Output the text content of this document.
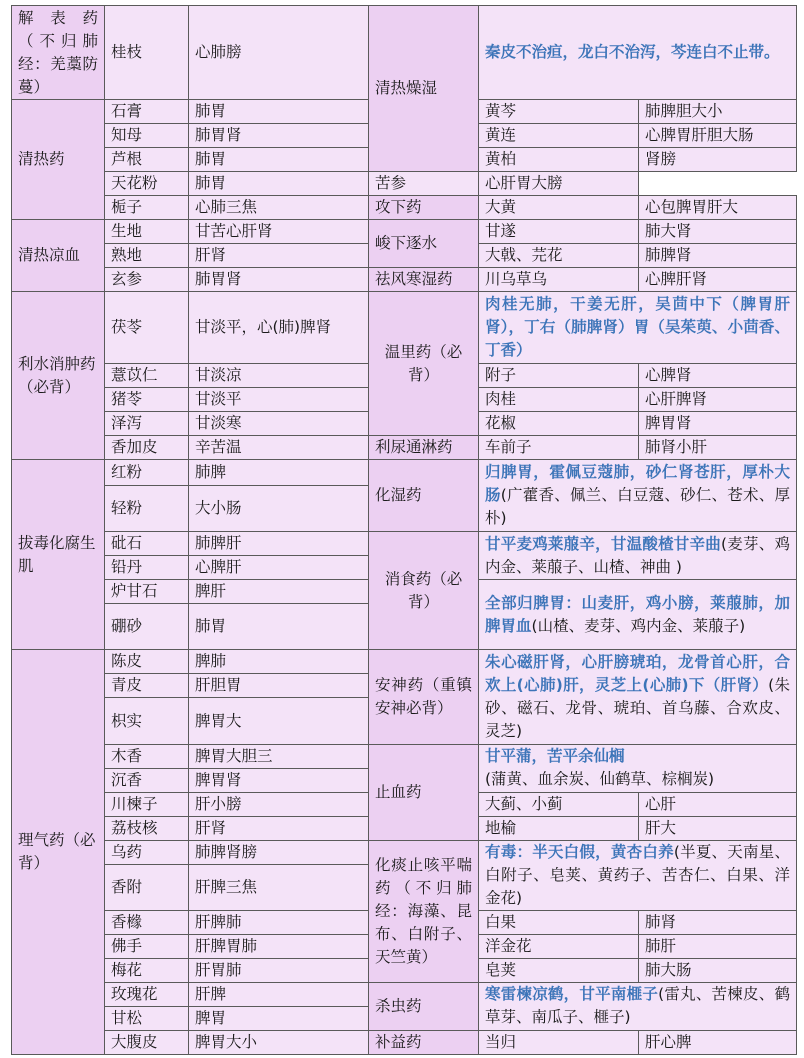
解 表 药（不归肺经：羌藁防蔓）	桂枝	心肺膀	清热燥湿	秦皮不治疸，龙白不治泻，芩连白不止带。	
清热药	石膏	肺胃		黄芩	肺脾胆大小
	知母	肺胃肾		黄连	心脾胃肝胆大肠
	芦根	肺胃		黄柏	肾膀
	天花粉	肺胃	苦参	心肝胃大膀	
	栀子	心肺三焦	攻下药	大黄	心包脾胃肝大
清热凉血	生地	甘苦心肝肾	峻下逐水	甘遂	肺大肾
	熟地	肝肾		大戟、芫花	肺脾肾
	玄参	肺胃肾	祛风寒湿药	川乌草乌	心脾肝肾
利水消肿药（必背）	茯苓	甘淡平，心(肺)脾肾	温里药（必背）	肉桂无肺，干姜无肝，吴茴中下（脾胃肝肾），丁右（肺脾肾）胃（吴茱萸、小茴香、丁香）	
	薏苡仁	甘淡凉		附子	心脾肾
	猪苓	甘淡平		肉桂	心肝脾肾
	泽泻	甘淡寒		花椒	脾胃肾
	香加皮	辛苦温	利尿通淋药	车前子	肺肾小肝
拔毒化腐生肌	红粉	肺脾	化湿药	归脾胃，霍佩豆蔻肺，砂仁肾苍肝，厚朴大肠(广藿香、佩兰、白豆蔻、砂仁、苍术、厚朴)	
	轻粉	大小肠			
	砒石	肺脾肝	消食药（必背）	甘平麦鸡莱菔辛，甘温酸楂甘辛曲(麦芽、鸡内金、莱菔子、山楂、神曲 )	
	铅丹	心脾肝			
	炉甘石	脾肝		全部归脾胃：山麦肝，鸡小膀，莱菔肺，加脾胃血(山楂、麦芽、鸡内金、莱菔子)	
	硼砂	肺胃			
理气药（必背）	陈皮	脾肺	安神药（重镇安神必背）	朱心磁肝肾，心肝膀琥珀，龙骨首心肝，合欢上(心肺)肝，灵芝上(心肺)下（肝肾）(朱砂、磁石、龙骨、琥珀、首乌藤、合欢皮、灵芝)	
	青皮	肝胆胃			
	枳实	脾胃大			
	木香	脾胃大胆三	止血药	甘平蒲，苦平余仙榈
(蒲黄、血余炭、仙鹤草、棕榈炭)	
	沉香	脾胃肾			
	川楝子	肝小膀		大蓟、小蓟	心肝
	荔枝核	肝肾		地榆	肝大
	乌药	肺脾肾膀	化痰止咳平喘药（不归肺经：海藻、昆布、白附子、天竺黄）	有毒：半天白假，黄杏白养(半夏、天南星、白附子、皂荚、黄药子、苦杏仁、白果、洋金花)	
	香附	肝脾三焦			
	香橼	肝脾肺		白果	肺肾
	佛手	肝脾胃肺		洋金花	肺肝
	梅花	肝胃肺		皂荚	肺大肠
	玫瑰花	肝脾	杀虫药	寒雷楝凉鹤，甘平南榧子(雷丸、苦楝皮、鹤草芽、南瓜子、榧子)	
	甘松	脾胃			
	大腹皮	脾胃大小	补益药	当归	肝心脾
